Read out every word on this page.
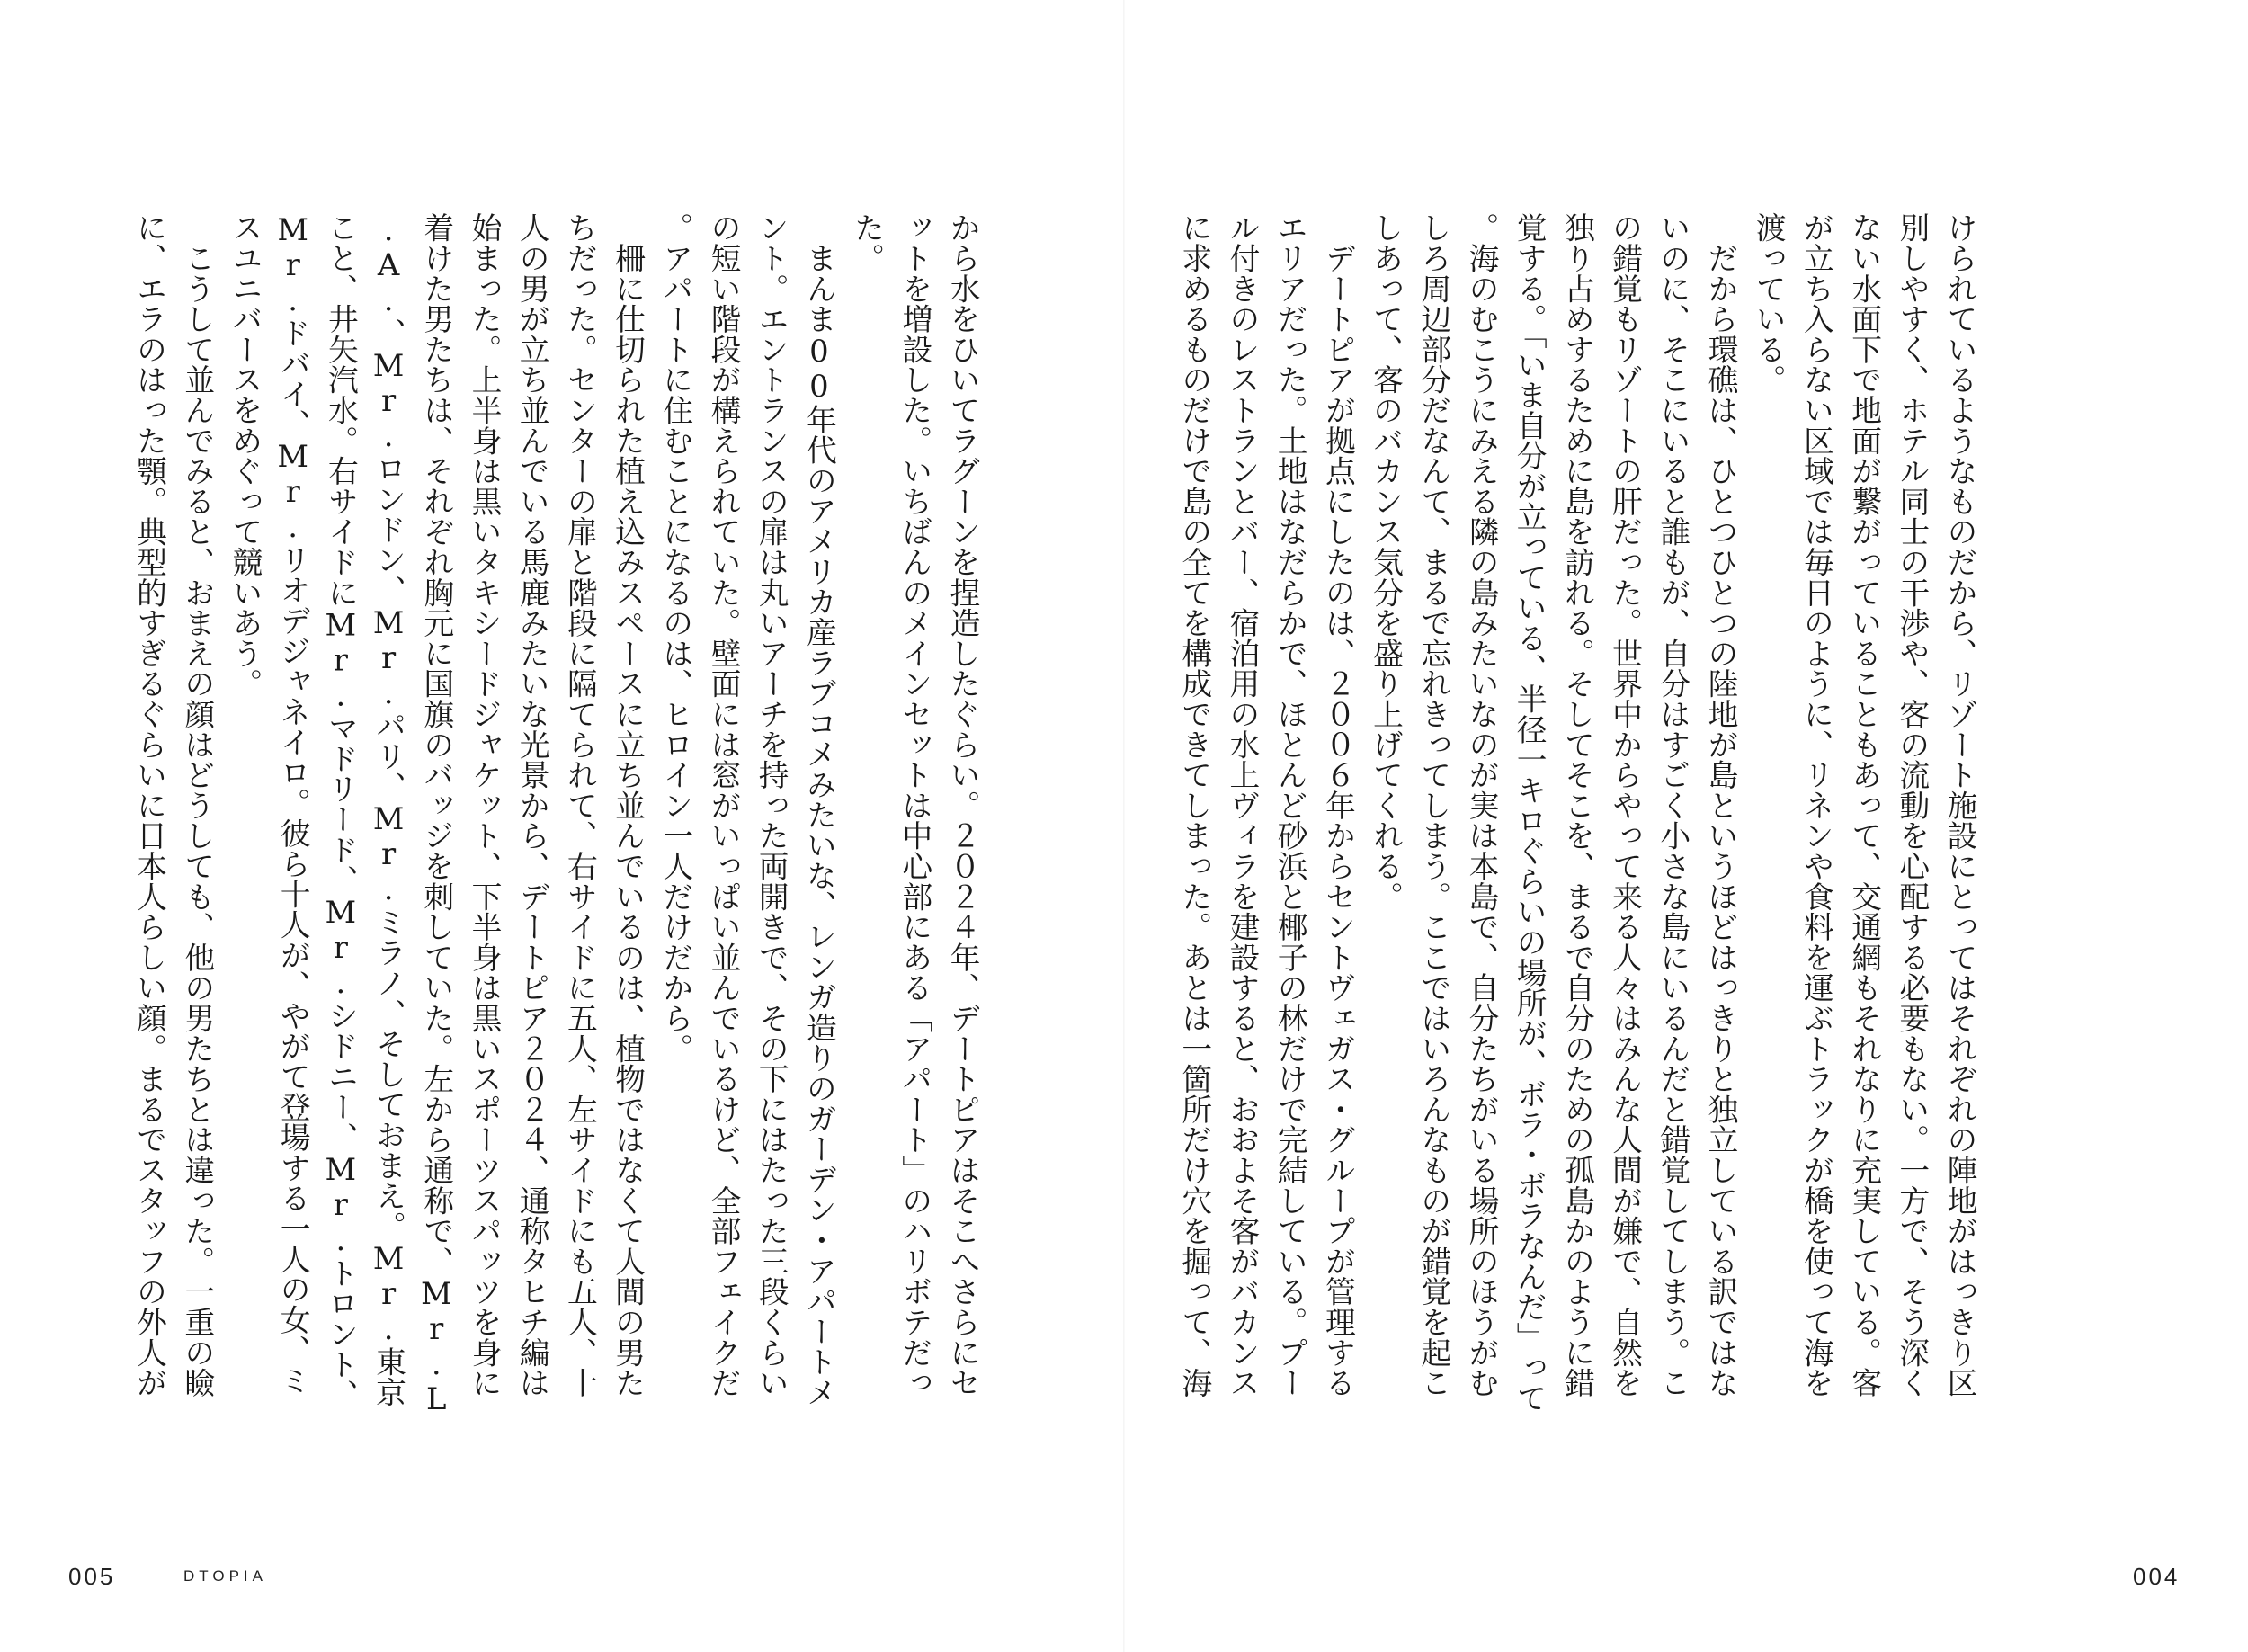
けられているようなものだから、リゾート施設にとってはそれぞれの陣地がはっきり区別しやすく、ホテル同士の干渉や、客の流動を心配する必要もない。一方で、そう深くない水面下で地面が繋がっていることもあって、交通網もそれなりに充実している。客が立ち入らない区域では毎日のように、リネンや食料を運ぶトラックが橋を使って海を渡っている。
　だから環礁は、ひとつひとつの陸地が島というほどはっきりと独立している訳ではないのに、そこにいると誰もが、自分はすごく小さな島にいるんだと錯覚してしまう。この錯覚もリゾートの肝だった。世界中からやって来る人々はみんな人間が嫌で、自然を独り占めするために島を訪れる。そしてそこを、まるで自分のための孤島かのように錯覚する。「いま自分が立っている、半径一キロぐらいの場所が、ボラ・ボラなんだ」って。海のむこうにみえる隣の島みたいなのが実は本島で、自分たちがいる場所のほうがむしろ周辺部分だなんて、まるで忘れきってしまう。ここではいろんなものが錯覚を起こしあって、客のバカンス気分を盛り上げてくれる。
　デートピアが拠点にしたのは、２００６年からセントヴェガス・グループが管理するエリアだった。土地はなだらかで、ほとんど砂浜と椰子の林だけで完結している。プール付きのレストランとバー、宿泊用の水上ヴィラを建設すると、おおよそ客がバカンスに求めるものだけで島の全てを構成できてしまった。あとは一箇所だけ穴を掘って、海
から水をひいてラグーンを捏造したぐらい。２０２４年、デートピアはそこへさらにセットを増設した。いちばんのメインセットは中心部にある「アパート」のハリボテだった。
　まんま00年代のアメリカ産ラブコメみたいな、レンガ造りのガーデン・アパートメント。エントランスの扉は丸いアーチを持った両開きで、その下にはたった三段くらいの短い階段が構えられていた。壁面には窓がいっぱい並んでいるけど、全部フェイクだ。アパートに住むことになるのは、ヒロイン一人だけだから。
　柵に仕切られた植え込みスペースに立ち並んでいるのは、植物ではなくて人間の男たちだった。センターの扉と階段に隔てられて、右サイドに五人、左サイドにも五人、十人の男が立ち並んでいる馬鹿みたいな光景から、デートピア２０２４、通称タヒチ編は始まった。上半身は黒いタキシードジャケット、下半身は黒いスポーツスパッツを身に着けた男たちは、それぞれ胸元に国旗のバッジを刺していた。左から通称で、Mr.L.A.、Mr.ロンドン、Mr.パリ、Mr.ミラノ、そしておまえ。Mr.東京こと、井矢汽水。右サイドにMr.マドリード、Mr.シドニー、Mr.トロント、Mr.ドバイ、Mr.リオデジャネイロ。彼ら十人が、やがて登場する一人の女、ミスユニバースをめぐって競いあう。
　こうして並んでみると、おまえの顔はどうしても、他の男たちとは違った。一重の瞼に、エラのはった顎。典型的すぎるぐらいに日本人らしい顔。まるでスタッフの外人が
005	DTOPIA	004
